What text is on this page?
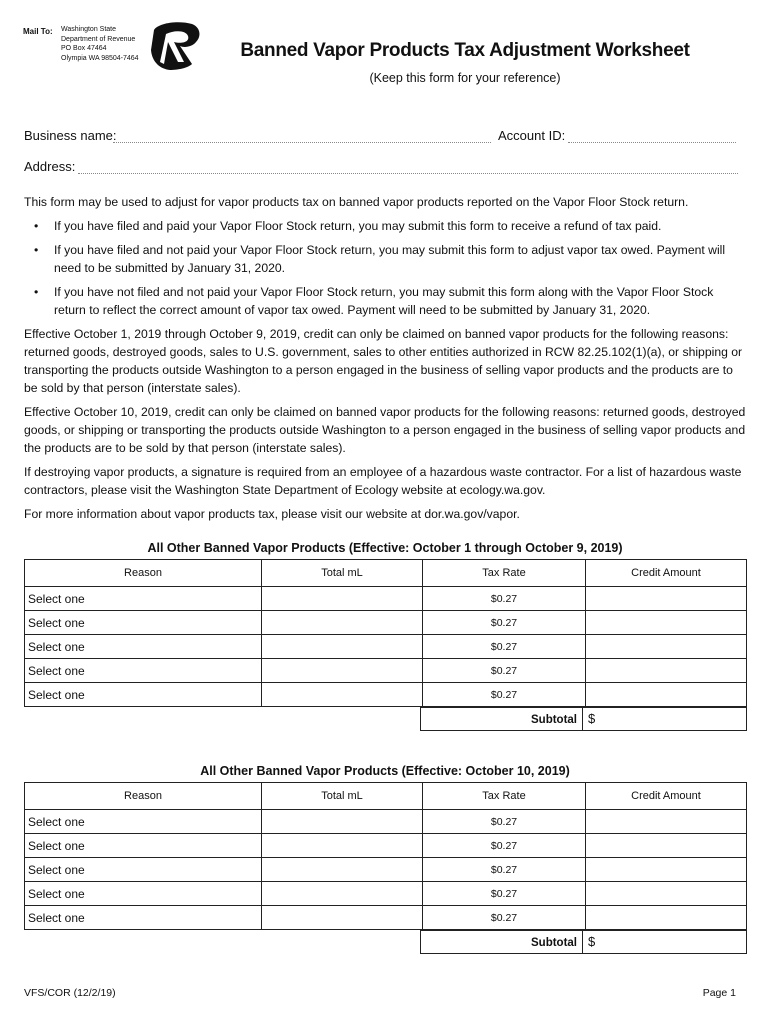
Mail To: Washington State
Department of Revenue
PO Box 47464
Olympia WA 98504-7464	Banned Vapor Products Tax Adjustment Worksheet
(Keep this form for your reference)
Business name:	Account ID:
Address:

This form may be used to adjust for vapor products tax on banned vapor products reported on the Vapor Floor Stock return.

• If you have filed and paid your Vapor Floor Stock return, you may submit this form to receive a refund of tax paid.
• If you have filed and not paid your Vapor Floor Stock return, you may submit this form to adjust vapor tax owed. Payment will need to be submitted by January 31, 2020.
• If you have not filed and not paid your Vapor Floor Stock return, you may submit this form along with the Vapor Floor Stock return to reflect the correct amount of vapor tax owed. Payment will need to be submitted by January 31, 2020.

Effective October 1, 2019 through October 9, 2019, credit can only be claimed on banned vapor products for the following reasons: returned goods, destroyed goods, sales to U.S. government, sales to other entities authorized in RCW 82.25.102(1)(a), or shipping or transporting the products outside Washington to a person engaged in the business of selling vapor products and the products are to be sold by that person (interstate sales).

Effective October 10, 2019, credit can only be claimed on banned vapor products for the following reasons: returned goods, destroyed goods, or shipping or transporting the products outside Washington to a person engaged in the business of selling vapor products and the products are to be sold by that person (interstate sales).

If destroying vapor products, a signature is required from an employee of a hazardous waste contractor. For a list of hazardous waste contractors, please visit the Washington State Department of Ecology website at ecology.wa.gov.

For more information about vapor products tax, please visit our website at dor.wa.gov/vapor.

All Other Banned Vapor Products (Effective: October 1 through October 9, 2019)
Reason	Total mL	Tax Rate	Credit Amount
Select one		$0.27	
Select one		$0.27	
Select one		$0.27	
Select one		$0.27	
Select one		$0.27	
Subtotal $
All Other Banned Vapor Products (Effective: October 10, 2019)
Reason	Total mL	Tax Rate	Credit Amount
Select one		$0.27	
Select one		$0.27	
Select one		$0.27	
Select one		$0.27	
Select one		$0.27	
Subtotal $
VFS/COR (12/2/19)	Page 1
